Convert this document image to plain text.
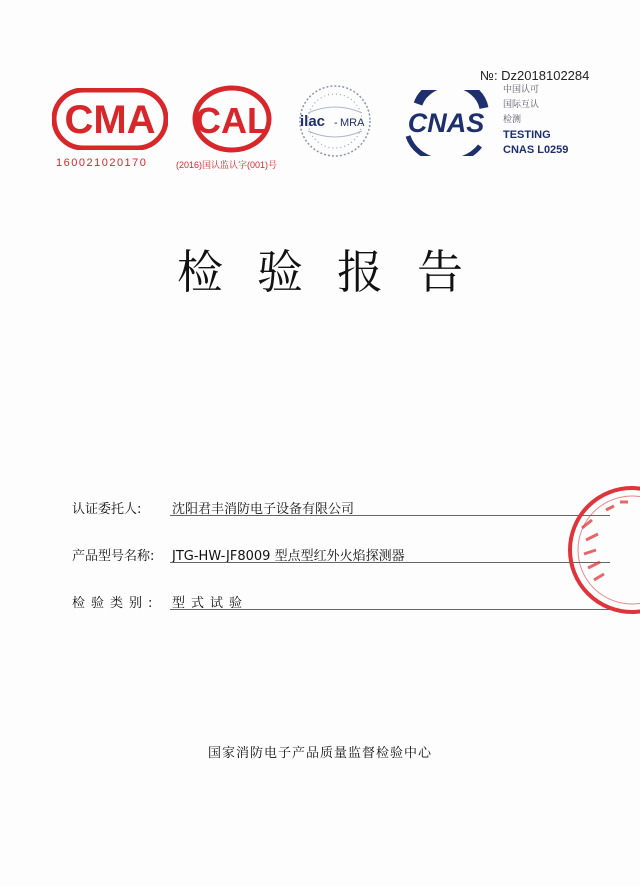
№: Dz2018102284
CMA
160021020170
CAL
(2016)国认监认字(001)号
ilac - MRA CNAS
中国认可
国际互认
检测
TESTING
CNAS L0259
检验报告
认证委托人: 沈阳君丰消防电子设备有限公司
产品型号名称: JTG-HW-JF8009 型点型红外火焰探测器
检验类别: 型式试验
国家消防电子产品质量监督检验中心
